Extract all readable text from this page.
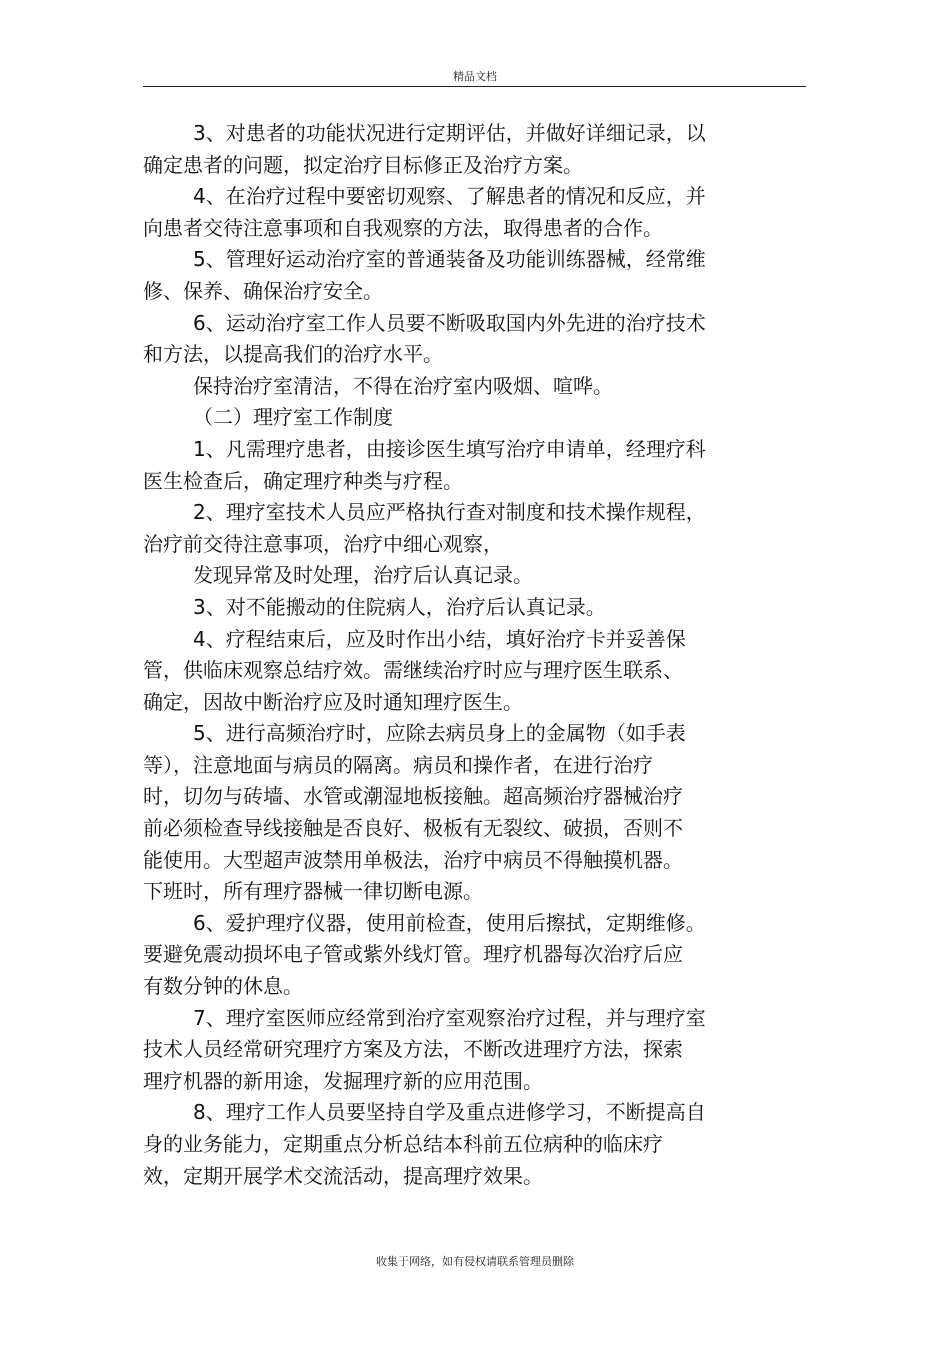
精品文档
3、对患者的功能状况进行定期评估，并做好详细记录，以
确定患者的问题，拟定治疗目标修正及治疗方案。
4、在治疗过程中要密切观察、了解患者的情况和反应，并
向患者交待注意事项和自我观察的方法，取得患者的合作。
5、管理好运动治疗室的普通装备及功能训练器械，经常维
修、保养、确保治疗安全。
6、运动治疗室工作人员要不断吸取国内外先进的治疗技术
和方法，以提高我们的治疗水平。
保持治疗室清洁，不得在治疗室内吸烟、喧哗。
（二）理疗室工作制度
1、凡需理疗患者，由接诊医生填写治疗申请单，经理疗科
医生检查后，确定理疗种类与疗程。
2、理疗室技术人员应严格执行查对制度和技术操作规程，
治疗前交待注意事项，治疗中细心观察，
发现异常及时处理，治疗后认真记录。
3、对不能搬动的住院病人，治疗后认真记录。
4、疗程结束后，应及时作出小结，填好治疗卡并妥善保
管，供临床观察总结疗效。需继续治疗时应与理疗医生联系、
确定，因故中断治疗应及时通知理疗医生。
5、进行高频治疗时，应除去病员身上的金属物（如手表
等），注意地面与病员的隔离。病员和操作者，在进行治疗
时，切勿与砖墙、水管或潮湿地板接触。超高频治疗器械治疗
前必须检查导线接触是否良好、极板有无裂纹、破损，否则不
能使用。大型超声波禁用单极法，治疗中病员不得触摸机器。
下班时，所有理疗器械一律切断电源。
6、爱护理疗仪器，使用前检查，使用后擦拭，定期维修。
要避免震动损坏电子管或紫外线灯管。理疗机器每次治疗后应
有数分钟的休息。
7、理疗室医师应经常到治疗室观察治疗过程，并与理疗室
技术人员经常研究理疗方案及方法，不断改进理疗方法，探索
理疗机器的新用途，发掘理疗新的应用范围。
8、理疗工作人员要坚持自学及重点进修学习，不断提高自
身的业务能力，定期重点分析总结本科前五位病种的临床疗
效，定期开展学术交流活动，提高理疗效果。
收集于网络，如有侵权请联系管理员删除
